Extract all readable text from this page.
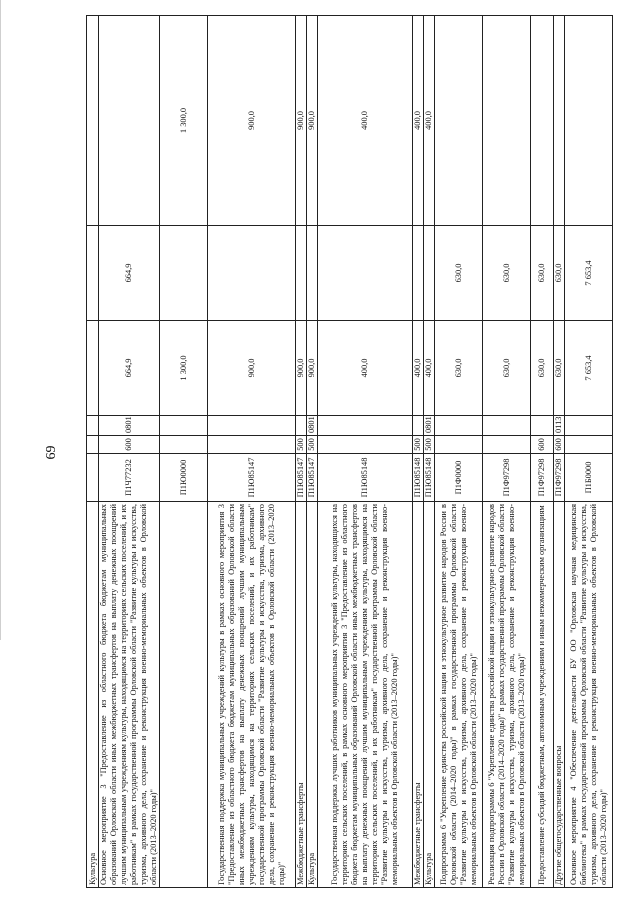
69
Культура						
Основное мероприятие 3 "Предоставление из областного бюджета бюджетам муниципальных образований Орловской области иных межбюджетных трансфертов на выплату денежных поощрений лучшим муниципальным учреждениям культуры, находящимся на территориях сельских поселений, и их работникам" в рамках государственной программы Орловской области "Развитие культуры и искусства, туризма, архивного дела, сохранение и реконструкция военно-мемориальных объектов в Орловской области (2013–2020 годы)"	П1Ч77232	600	0801	664,9	664,9	
	П1Ю0000			1 300,0		1 300,0
Государственная поддержка муниципальных учреждений культуры в рамках основного мероприятия 3 "Предоставление из областного бюджета бюджетам муниципальных образований Орловской области иных межбюджетных трансфертов на выплату денежных поощрений лучшим муниципальным учреждениям культуры, находящимся на территориях сельских поселений, и их работникам" государственной программы Орловской области "Развитие культуры и искусства, туризма, архивного дела, сохранение и реконструкция военно-мемориальных объектов в Орловской области (2013–2020 годы)"	П1Ю85147			900,0		900,0
Межбюджетные трансферты	П1Ю85147	500		900,0		900,0
Культура	П1Ю85147	500	0801	900,0		900,0
Государственная поддержка лучших работников муниципальных учреждений культуры, находящихся на территориях сельских поселений, в рамках основного мероприятия 3 "Предоставление из областного бюджета бюджетам муниципальных образований Орловской области иных межбюджетных трансфертов на выплату денежных поощрений лучшим муниципальным учреждениям культуры, находящимся на территориях сельских поселений, и их работникам" государственной программы Орловской области "Развитие культуры и искусства, туризма, архивного дела, сохранение и реконструкция военно-мемориальных объектов в Орловской области (2013–2020 годы)"	П1Ю85148			400,0		400,0
Межбюджетные трансферты	П1Ю85148	500		400,0		400,0
Культура	П1Ю85148	500	0801	400,0		400,0
Подпрограмма 6 "Укрепление единства российской нации и этнокультурное развитие народов России в Орловской области (2014–2020 годы)" в рамках государственной программы Орловской области "Развитие культуры и искусства, туризма, архивного дела, сохранение и реконструкция военно-мемориальных объектов в Орловской области (2013–2020 годы)"	П1Ф0000			630,0	630,0	
Реализация подпрограммы 6 "Укрепление единства российской нации и этнокультурное развитие народов России в Орловской области (2014–2020 годы)" в рамках государственной программы Орловской области "Развитие культуры и искусства, туризма, архивного дела, сохранение и реконструкция военно-мемориальных объектов в Орловской области (2013–2020 годы)"	П1Ф97298			630,0	630,0	
Предоставление субсидий бюджетным, автономным учреждениям и иным некоммерческим организациям	П1Ф97298	600		630,0	630,0	
Другие общегосударственные вопросы	П1Ф97298	600	0113	630,0	630,0	
Основное мероприятие 4 "Обеспечение деятельности БУ ОО "Орловская научная медицинская библиотека" в рамках государственной программы Орловской области "Развитие культуры и искусства, туризма, архивного дела, сохранение и реконструкция военно-мемориальных объектов в Орловской области (2013–2020 годы)"	П1Б0000			7 653,4	7 653,4	
